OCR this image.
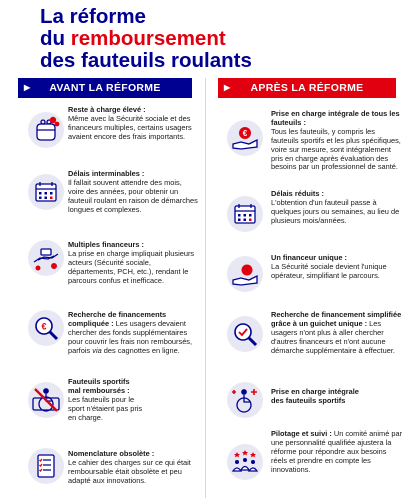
La réforme
du remboursement
des fauteuils roulants
▶ AVANT LA RÉFORME	▶ APRÈS LA RÉFORME
Reste à charge élevé :
Même avec la Sécurité sociale et des financeurs multiples, certains usagers avaient encore des frais importants.
Délais interminables :
Il fallait souvent attendre des mois, voire des années, pour obtenir un fauteuil roulant en raison de démarches longues et complexes.
Multiples financeurs :
La prise en charge impliquait plusieurs acteurs (Sécurité sociale, départements, PCH, etc.), rendant le parcours confus et inefficace.
€
Recherche de financements compliquée : Les usagers devaient chercher des fonds supplémentaires pour couvrir les frais non remboursés, parfois via des cagnottes en ligne.
Fauteuils sportifs mal remboursés :
Les fauteuils pour le sport n'étaient pas pris en charge.
Nomenclature obsolète :
Le cahier des charges sur ce qui était remboursable était obsolète et peu adapté aux innovations.
€
Prise en charge intégrale de tous les fauteuils :
Tous les fauteuils, y compris les fauteuils sportifs et les plus spécifiques, voire sur mesure, sont intégralement pris en charge après évaluation des besoins par un professionnel de santé.
Délais réduits :
L'obtention d'un fauteuil passe à quelques jours ou semaines, au lieu de plusieurs mois/années.
Un financeur unique :
La Sécurité sociale devient l'unique opérateur, simplifiant le parcours.
Recherche de financement simplifiée grâce à un guichet unique : Les usagers n'ont plus à aller chercher d'autres financeurs et n'ont aucune démarche supplémentaire à effectuer.
Prise en charge intégrale des fauteuils sportifs
Pilotage et suivi : Un comité animé par une personnalité qualifiée ajustera la réforme pour répondre aux besoins réels et prendre en compte les innovations.
